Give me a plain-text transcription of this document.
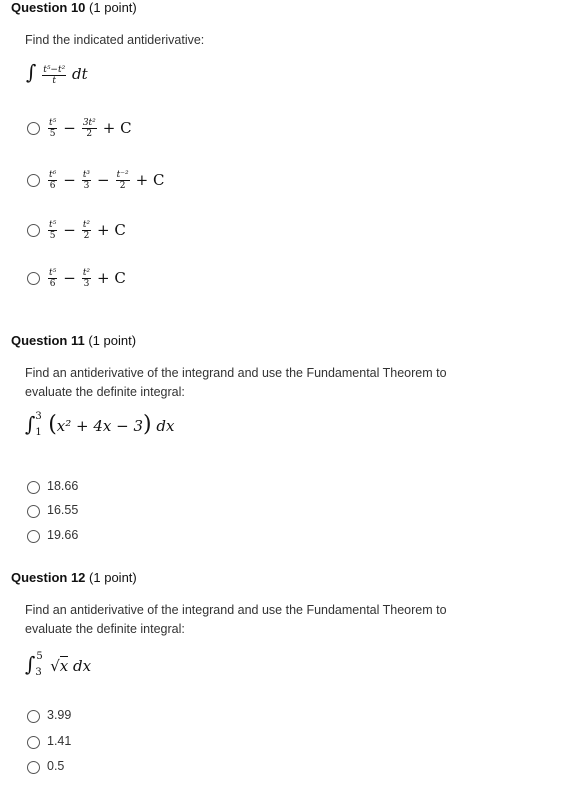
Question 10 (1 point)
Find the indicated antiderivative:
∫ $\frac{\text{t⁵−t²}}{t}$ dt
$\frac{\text{t⁵}}{5} - \frac{\text{3t²}}{2} + C$
$\frac{\text{t⁶}}{6} - \frac{\text{t³}}{3} - \frac{\text{t⁻²}}{2} + C$
$\frac{\text{t⁵}}{5} - \frac{\text{t²}}{2} + C$
$\frac{\text{t⁵}}{6} - \frac{\text{t²}}{3} + C$
Question 11 (1 point)
Find an antiderivative of the integrand and use the Fundamental Theorem to evaluate the definite integral:
∫ 3
1 (x² + 4x − 3) dx
18.66
16.55
19.66
Question 12 (1 point)
Find an antiderivative of the integrand and use the Fundamental Theorem to evaluate the definite integral:
∫ 5
3 √x dx
3.99
1.41
0.5
